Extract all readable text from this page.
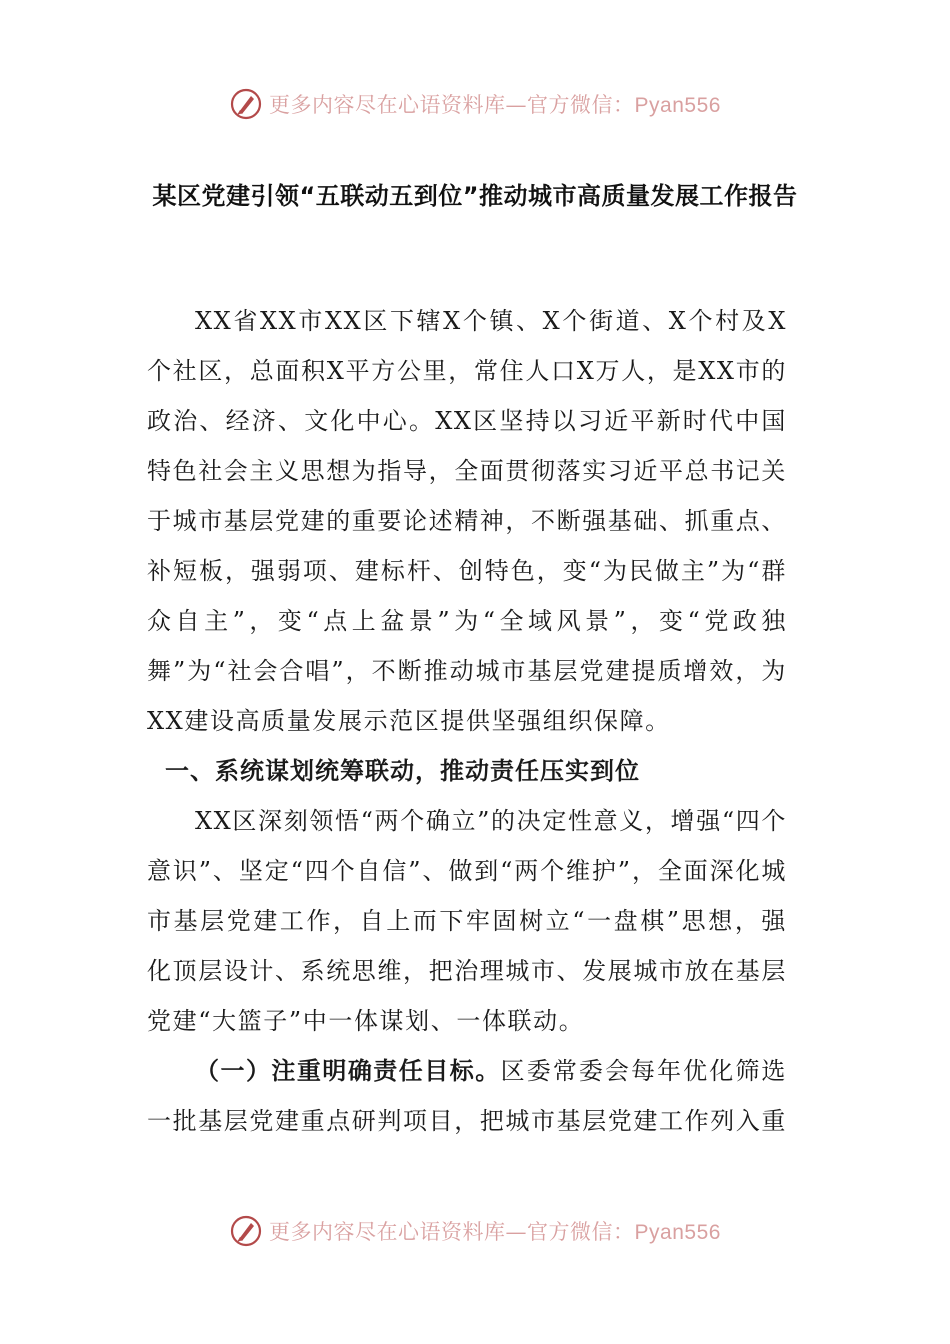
更多内容尽在心语资料库—官方微信：Pyan556
某区党建引领“五联动五到位”推动城市高质量发展工作报告

XX省XX市XX区下辖X个镇、X个街道、X个村及X个社区，总面积X平方公里，常住人口X万人，是XX市的政治、经济、文化中心。XX区坚持以习近平新时代中国特色社会主义思想为指导，全面贯彻落实习近平总书记关于城市基层党建的重要论述精神，不断强基础、抓重点、补短板，强弱项、建标杆、创特色，变“为民做主”为“群众自主”，变“点上盆景”为“全域风景”，变“党政独舞”为“社会合唱”，不断推动城市基层党建提质增效，为XX建设高质量发展示范区提供坚强组织保障。

一、系统谋划统筹联动，推动责任压实到位

XX区深刻领悟“两个确立”的决定性意义，增强“四个意识”、坚定“四个自信”、做到“两个维护”，全面深化城市基层党建工作，自上而下牢固树立“一盘棋”思想，强化顶层设计、系统思维，把治理城市、发展城市放在基层党建“大篮子”中一体谋划、一体联动。

（一）注重明确责任目标。区委常委会每年优化筛选一批基层党建重点研判项目，把城市基层党建工作列入重

更多内容尽在心语资料库—官方微信：Pyan556
